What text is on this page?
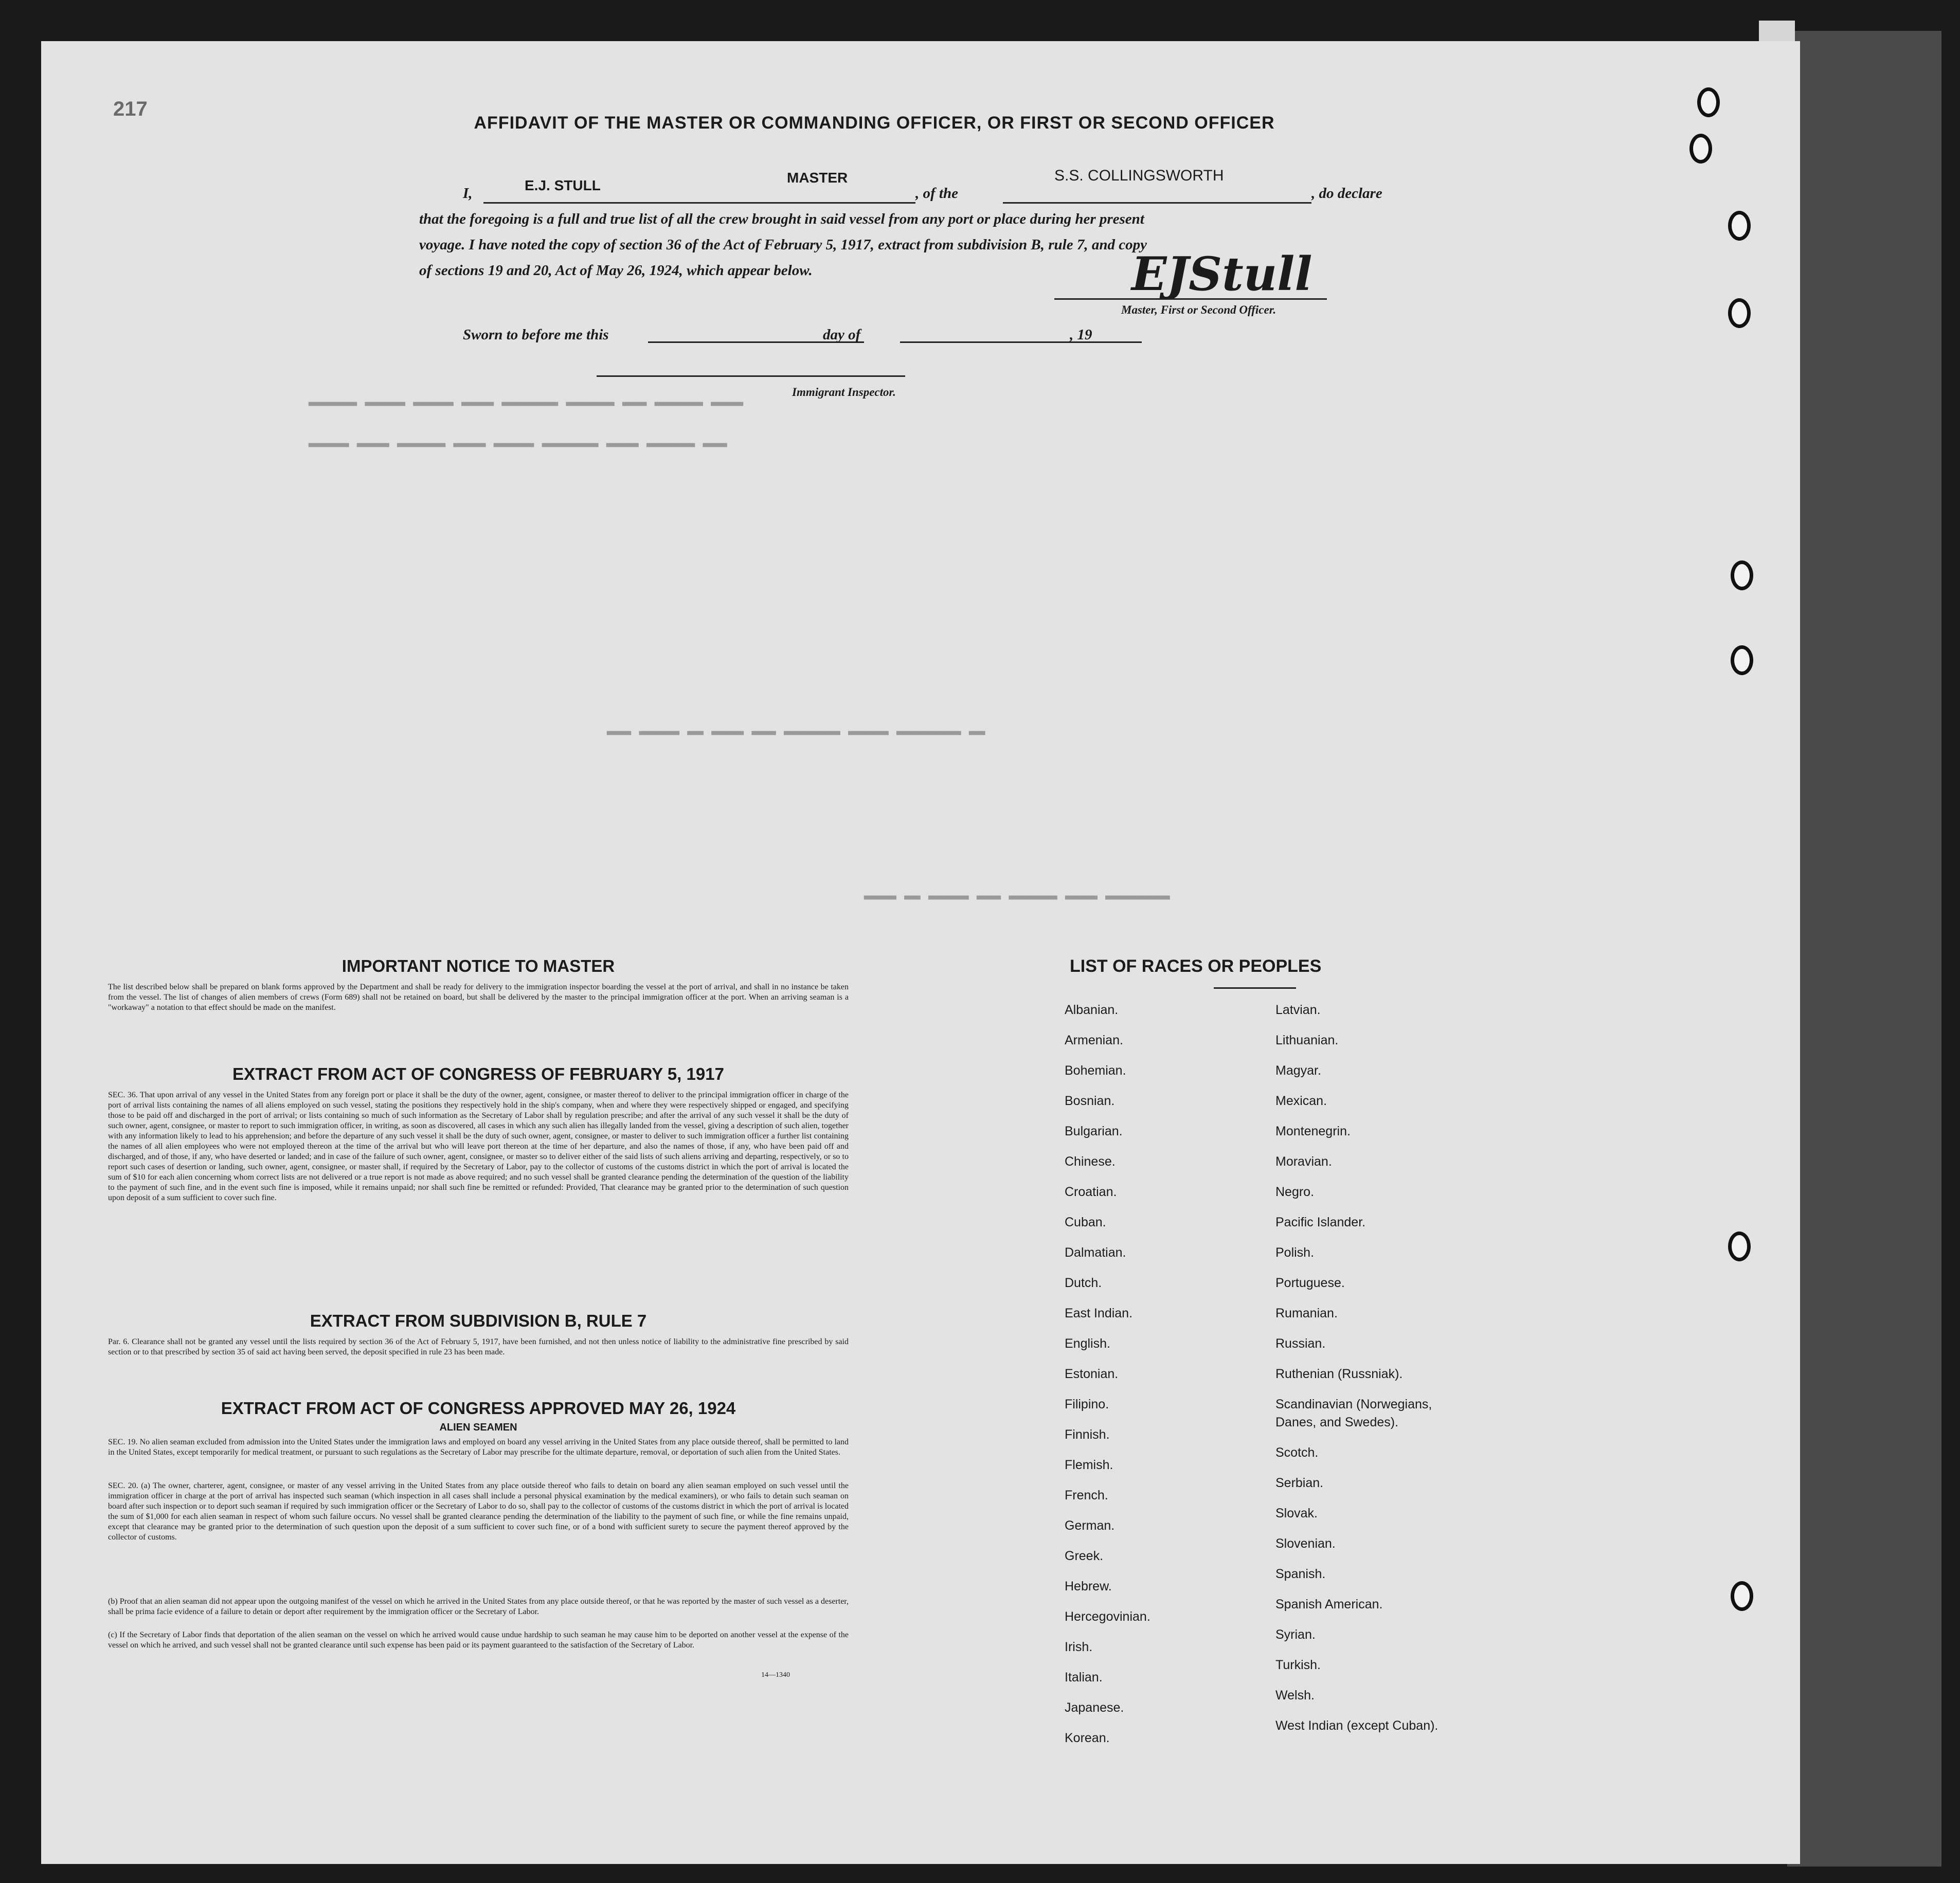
▂▂▂▂▂▂ ▂▂▂▂▂ ▂▂▂▂▂ ▂▂▂▂ ▂▂▂▂▂▂▂ ▂▂▂▂▂▂ ▂▂▂ ▂▂▂▂▂▂ ▂▂▂▂
▂▂▂▂▂ ▂▂▂▂ ▂▂▂▂▂▂ ▂▂▂▂ ▂▂▂▂▂ ▂▂▂▂▂▂▂ ▂▂▂▂ ▂▂▂▂▂▂ ▂▂▂
▂▂▂ ▂▂▂▂▂ ▂▂ ▂▂▂▂ ▂▂▂ ▂▂▂▂▂▂▂ ▂▂▂▂▂ ▂▂▂▂▂▂▂▂ ▂▂
▂▂▂▂ ▂▂ ▂▂▂▂▂ ▂▂▂ ▂▂▂▂▂▂ ▂▂▂▂ ▂▂▂▂▂▂▂▂
217
AFFIDAVIT OF THE MASTER OR COMMANDING OFFICER, OR FIRST OR SECOND OFFICER
I,	E.J. STULL	MASTER
, of the
S.S. COLLINGSWORTH
, do declare
that the foregoing is a full and true list of all the crew brought in said vessel from any port or place during her present
voyage. I have noted the copy of section 36 of the Act of February 5, 1917, extract from subdivision B, rule 7, and copy
of sections 19 and 20, Act of May 26, 1924, which appear below.	EJStull
Master, First or Second Officer.
Sworn to before me this	day of	, 19
Immigrant Inspector.
IMPORTANT NOTICE TO MASTER
The list described below shall be prepared on blank forms approved by the Department and shall be ready for delivery to the immigration inspector boarding the vessel at the port of arrival, and shall in no instance be taken from the vessel. The list of changes of alien members of crews (Form 689) shall not be retained on board, but shall be delivered by the master to the principal immigration officer at the port. When an arriving seaman is a "workaway" a notation to that effect should be made on the manifest.
EXTRACT FROM ACT OF CONGRESS OF FEBRUARY 5, 1917
SEC. 36. That upon arrival of any vessel in the United States from any foreign port or place it shall be the duty of the owner, agent, consignee, or master thereof to deliver to the principal immigration officer in charge of the port of arrival lists containing the names of all aliens employed on such vessel, stating the positions they respectively hold in the ship's company, when and where they were respectively shipped or engaged, and specifying those to be paid off and discharged in the port of arrival; or lists containing so much of such information as the Secretary of Labor shall by regulation prescribe; and after the arrival of any such vessel it shall be the duty of such owner, agent, consignee, or master to report to such immigration officer, in writing, as soon as discovered, all cases in which any such alien has illegally landed from the vessel, giving a description of such alien, together with any information likely to lead to his apprehension; and before the departure of any such vessel it shall be the duty of such owner, agent, consignee, or master to deliver to such immigration officer a further list containing the names of all alien employees who were not employed thereon at the time of the arrival but who will leave port thereon at the time of her departure, and also the names of those, if any, who have been paid off and discharged, and of those, if any, who have deserted or landed; and in case of the failure of such owner, agent, consignee, or master so to deliver either of the said lists of such aliens arriving and departing, respectively, or so to report such cases of desertion or landing, such owner, agent, consignee, or master shall, if required by the Secretary of Labor, pay to the collector of customs of the customs district in which the port of arrival is located the sum of $10 for each alien concerning whom correct lists are not delivered or a true report is not made as above required; and no such vessel shall be granted clearance pending the determination of the question of the liability to the payment of such fine, and in the event such fine is imposed, while it remains unpaid; nor shall such fine be remitted or refunded: Provided, That clearance may be granted prior to the determination of such question upon deposit of a sum sufficient to cover such fine.
EXTRACT FROM SUBDIVISION B, RULE 7
Par. 6. Clearance shall not be granted any vessel until the lists required by section 36 of the Act of February 5, 1917, have been furnished, and not then unless notice of liability to the administrative fine prescribed by said section or to that prescribed by section 35 of said act having been served, the deposit specified in rule 23 has been made.
EXTRACT FROM ACT OF CONGRESS APPROVED MAY 26, 1924
ALIEN SEAMEN
SEC. 19. No alien seaman excluded from admission into the United States under the immigration laws and employed on board any vessel arriving in the United States from any place outside thereof, shall be permitted to land in the United States, except temporarily for medical treatment, or pursuant to such regulations as the Secretary of Labor may prescribe for the ultimate departure, removal, or deportation of such alien from the United States.
SEC. 20. (a) The owner, charterer, agent, consignee, or master of any vessel arriving in the United States from any place outside thereof who fails to detain on board any alien seaman employed on such vessel until the immigration officer in charge at the port of arrival has inspected such seaman (which inspection in all cases shall include a personal physical examination by the medical examiners), or who fails to detain such seaman on board after such inspection or to deport such seaman if required by such immigration officer or the Secretary of Labor to do so, shall pay to the collector of customs of the customs district in which the port of arrival is located the sum of $1,000 for each alien seaman in respect of whom such failure occurs. No vessel shall be granted clearance pending the determination of the liability to the payment of such fine, or while the fine remains unpaid, except that clearance may be granted prior to the determination of such question upon the deposit of a sum sufficient to cover such fine, or of a bond with sufficient surety to secure the payment thereof approved by the collector of customs.
(b) Proof that an alien seaman did not appear upon the outgoing manifest of the vessel on which he arrived in the United States from any place outside thereof, or that he was reported by the master of such vessel as a deserter, shall be prima facie evidence of a failure to detain or deport after requirement by the immigration officer or the Secretary of Labor.
(c) If the Secretary of Labor finds that deportation of the alien seaman on the vessel on which he arrived would cause undue hardship to such seaman he may cause him to be deported on another vessel at the expense of the vessel on which he arrived, and such vessel shall not be granted clearance until such expense has been paid or its payment guaranteed to the satisfaction of the Secretary of Labor.
14—1340
LIST OF RACES OR PEOPLES
Albanian.
Armenian.
Bohemian.
Bosnian.
Bulgarian.
Chinese.
Croatian.
Cuban.
Dalmatian.
Dutch.
East Indian.
English.
Estonian.
Filipino.
Finnish.
Flemish.
French.
German.
Greek.
Hebrew.
Hercegovinian.
Irish.
Italian.
Japanese.
Korean.
Latvian.
Lithuanian.
Magyar.
Mexican.
Montenegrin.
Moravian.
Negro.
Pacific Islander.
Polish.
Portuguese.
Rumanian.
Russian.
Ruthenian (Russniak).
Scandinavian (Norwegians,
Danes, and Swedes).
Scotch.
Serbian.
Slovak.
Slovenian.
Spanish.
Spanish American.
Syrian.
Turkish.
Welsh.
West Indian (except Cuban).
